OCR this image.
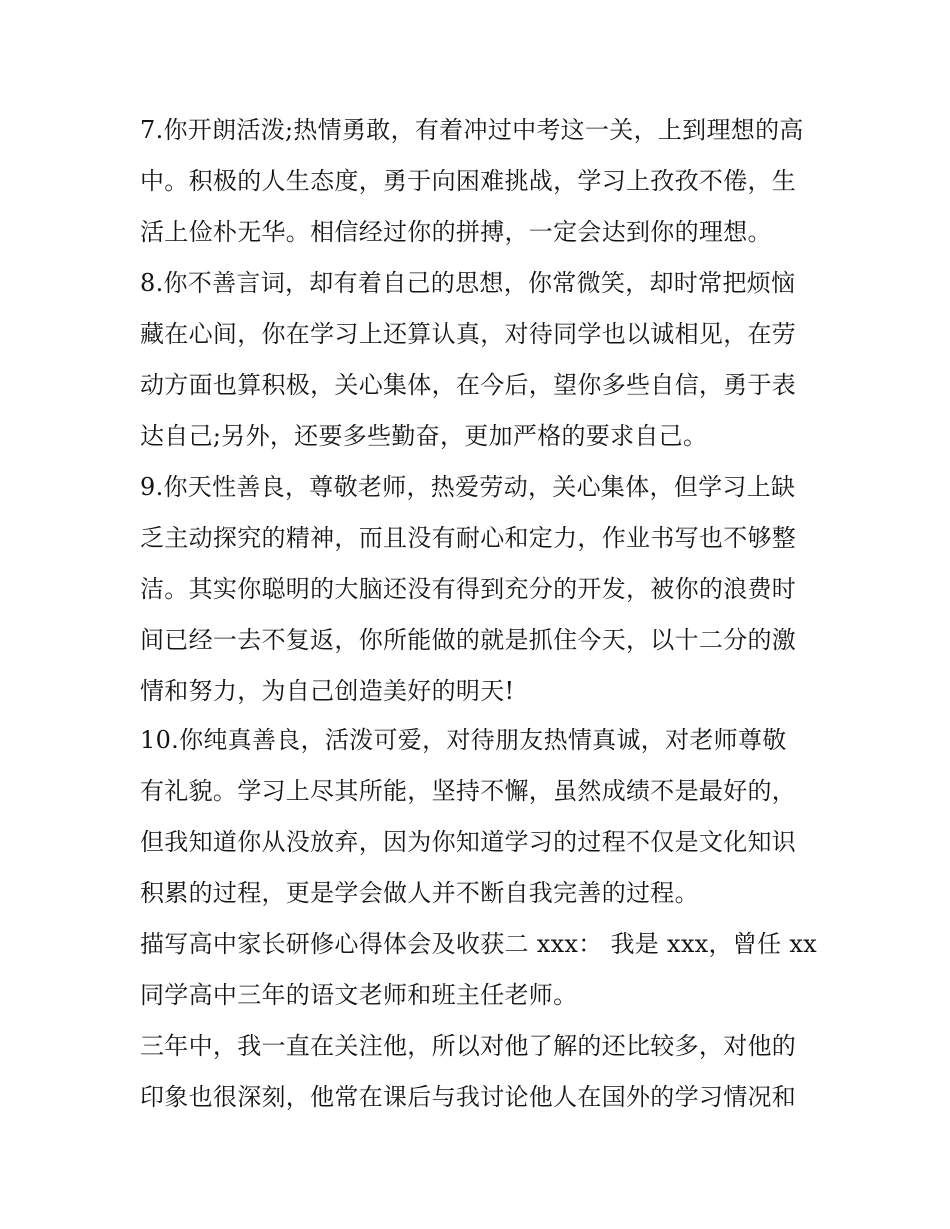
7.你开朗活泼;热情勇敢，有着冲过中考这一关，上到理想的高
中。积极的人生态度，勇于向困难挑战，学习上孜孜不倦，生
活上俭朴无华。相信经过你的拼搏，一定会达到你的理想。
8.你不善言词，却有着自己的思想，你常微笑，却时常把烦恼
藏在心间，你在学习上还算认真，对待同学也以诚相见，在劳
动方面也算积极，关心集体，在今后，望你多些自信，勇于表
达自己;另外，还要多些勤奋，更加严格的要求自己。
9.你天性善良，尊敬老师，热爱劳动，关心集体，但学习上缺
乏主动探究的精神，而且没有耐心和定力，作业书写也不够整
洁。其实你聪明的大脑还没有得到充分的开发，被你的浪费时
间已经一去不复返，你所能做的就是抓住今天，以十二分的激
情和努力，为自己创造美好的明天!
10.你纯真善良，活泼可爱，对待朋友热情真诚，对老师尊敬
有礼貌。学习上尽其所能，坚持不懈，虽然成绩不是最好的，
但我知道你从没放弃，因为你知道学习的过程不仅是文化知识
积累的过程，更是学会做人并不断自我完善的过程。
描写高中家长研修心得体会及收获二 xxx： 我是 xxx，曾任 xx
同学高中三年的语文老师和班主任老师。
三年中，我一直在关注他，所以对他了解的还比较多，对他的
印象也很深刻，他常在课后与我讨论他人在国外的学习情况和
